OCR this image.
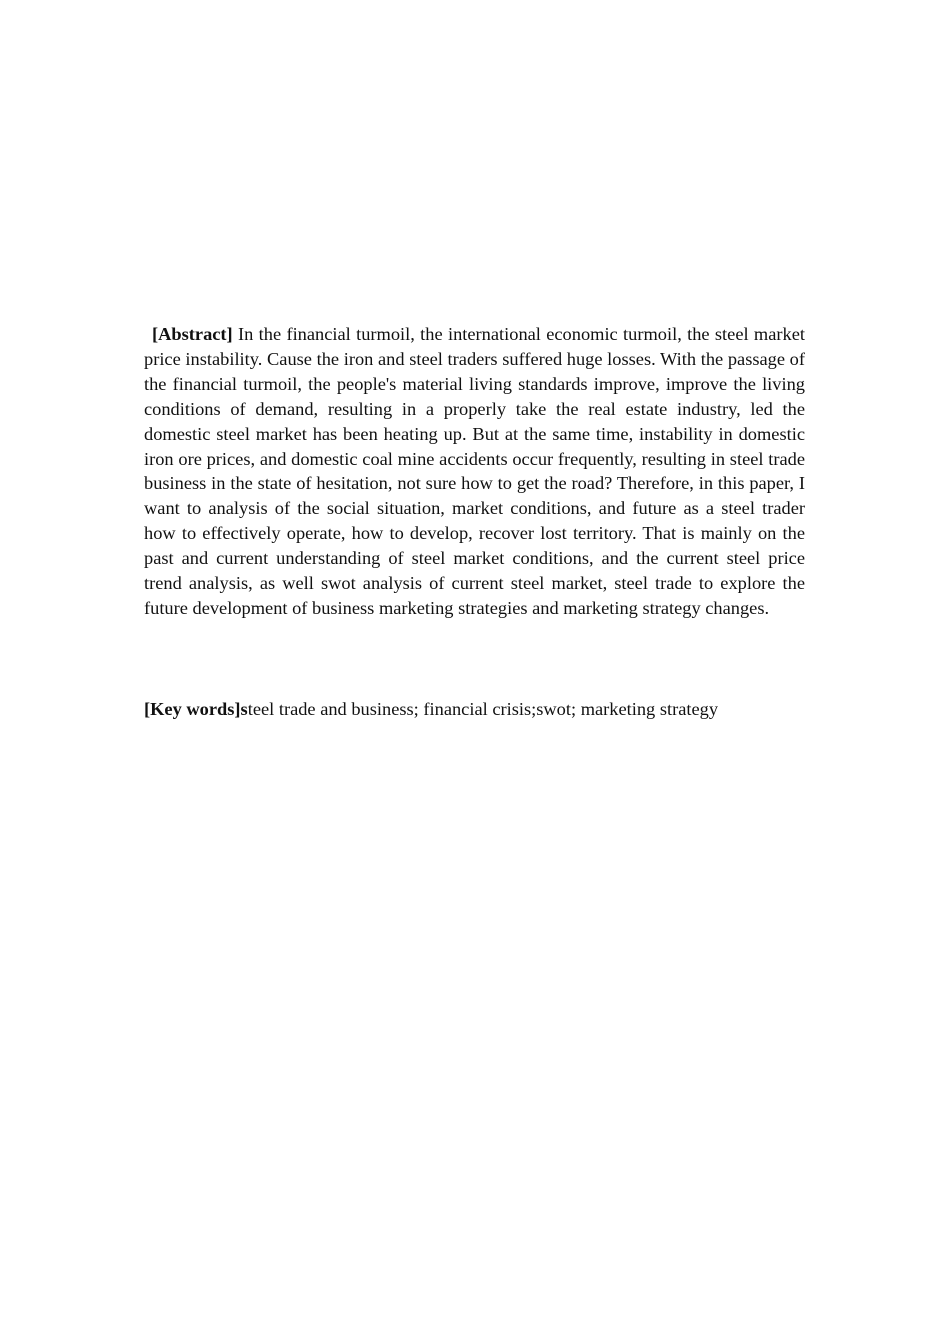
[Abstract] In the financial turmoil, the international economic turmoil, the steel market price instability. Cause the iron and steel traders suffered huge losses. With the passage of the financial turmoil, the people's material living standards improve, improve the living conditions of demand, resulting in a properly take the real estate industry, led the domestic steel market has been heating up. But at the same time, instability in domestic iron ore prices, and domestic coal mine accidents occur frequently, resulting in steel trade business in the state of hesitation, not sure how to get the road? Therefore, in this paper, I want to analysis of the social situation, market conditions, and future as a steel trader how to effectively operate, how to develop, recover lost territory. That is mainly on the past and current understanding of steel market conditions, and the current steel price trend analysis, as well swot analysis of current steel market, steel trade to explore the future development of business marketing strategies and marketing strategy changes.

[Key words]steel trade and business; financial crisis;swot; marketing strategy
